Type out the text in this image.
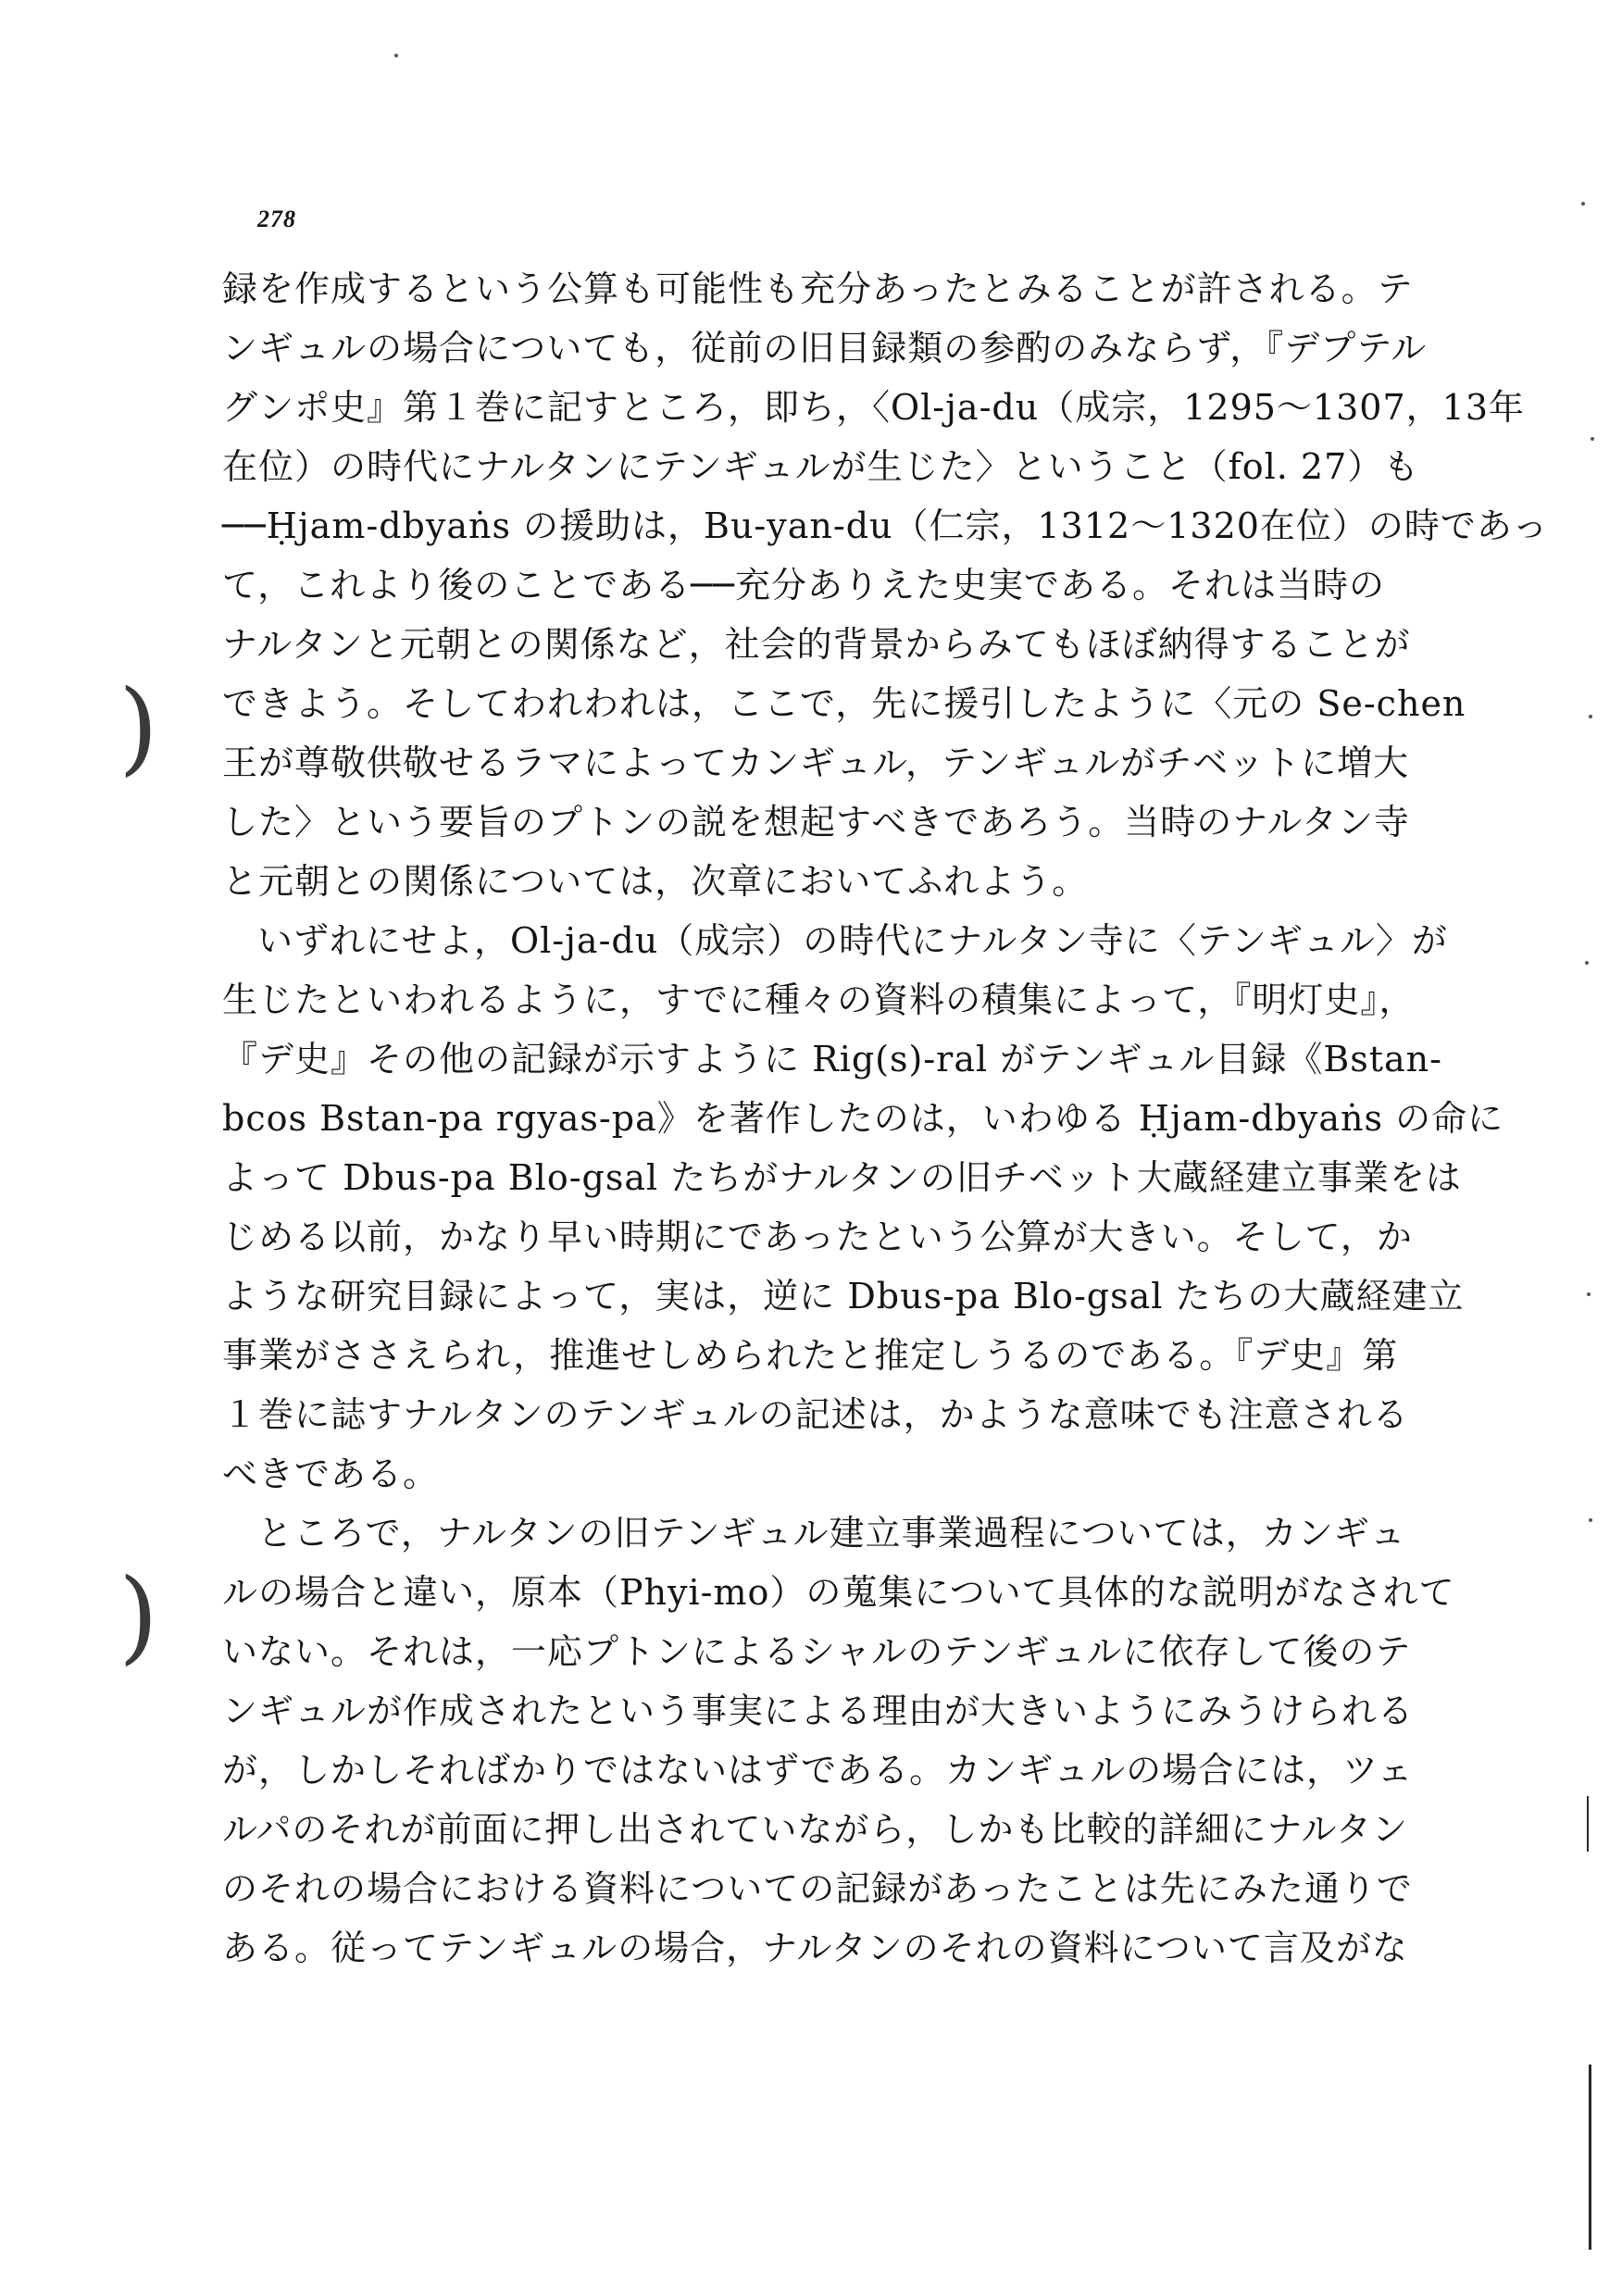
278
録を作成するという公算も可能性も充分あったとみることが許される。テ
ンギュルの場合についても，従前の旧目録類の参酌のみならず，『デプテル
グンポ史』第１巻に記すところ，即ち，〈Ol-ja-du（成宗，1295〜1307，13年
在位）の時代にナルタンにテンギュルが生じた〉ということ（fol. 27）も
──Ḥjam-dbyaṅs の援助は，Bu-yan-du（仁宗，1312〜1320在位）の時であっ
て，これより後のことである──充分ありえた史実である。それは当時の
ナルタンと元朝との関係など，社会的背景からみてもほぼ納得することが
できよう。そしてわれわれは，ここで，先に援引したように〈元の Se-chen
王が尊敬供敬せるラマによってカンギュル，テンギュルがチベットに増大
した〉という要旨のプトンの説を想起すべきであろう。当時のナルタン寺
と元朝との関係については，次章においてふれよう。
いずれにせよ，Ol-ja-du（成宗）の時代にナルタン寺に〈テンギュル〉が
生じたといわれるように，すでに種々の資料の積集によって，『明灯史』，
『デ史』その他の記録が示すように Rig(s)-ral がテンギュル目録《Bstan-
bcos Bstan-pa rgyas-pa》を著作したのは，いわゆる Ḥjam-dbyaṅs の命に
よって Dbus-pa Blo-gsal たちがナルタンの旧チベット大蔵経建立事業をは
じめる以前，かなり早い時期にであったという公算が大きい。そして，か
ような研究目録によって，実は，逆に Dbus-pa Blo-gsal たちの大蔵経建立
事業がささえられ，推進せしめられたと推定しうるのである。『デ史』第
１巻に誌すナルタンのテンギュルの記述は，かような意味でも注意される
べきである。
ところで，ナルタンの旧テンギュル建立事業過程については，カンギュ
ルの場合と違い，原本（Phyi-mo）の蒐集について具体的な説明がなされて
いない。それは，一応プトンによるシャルのテンギュルに依存して後のテ
ンギュルが作成されたという事実による理由が大きいようにみうけられる
が，しかしそればかりではないはずである。カンギュルの場合には，ツェ
ルパのそれが前面に押し出されていながら，しかも比較的詳細にナルタン
のそれの場合における資料についての記録があったことは先にみた通りで
ある。従ってテンギュルの場合，ナルタンのそれの資料について言及がな
)
)
